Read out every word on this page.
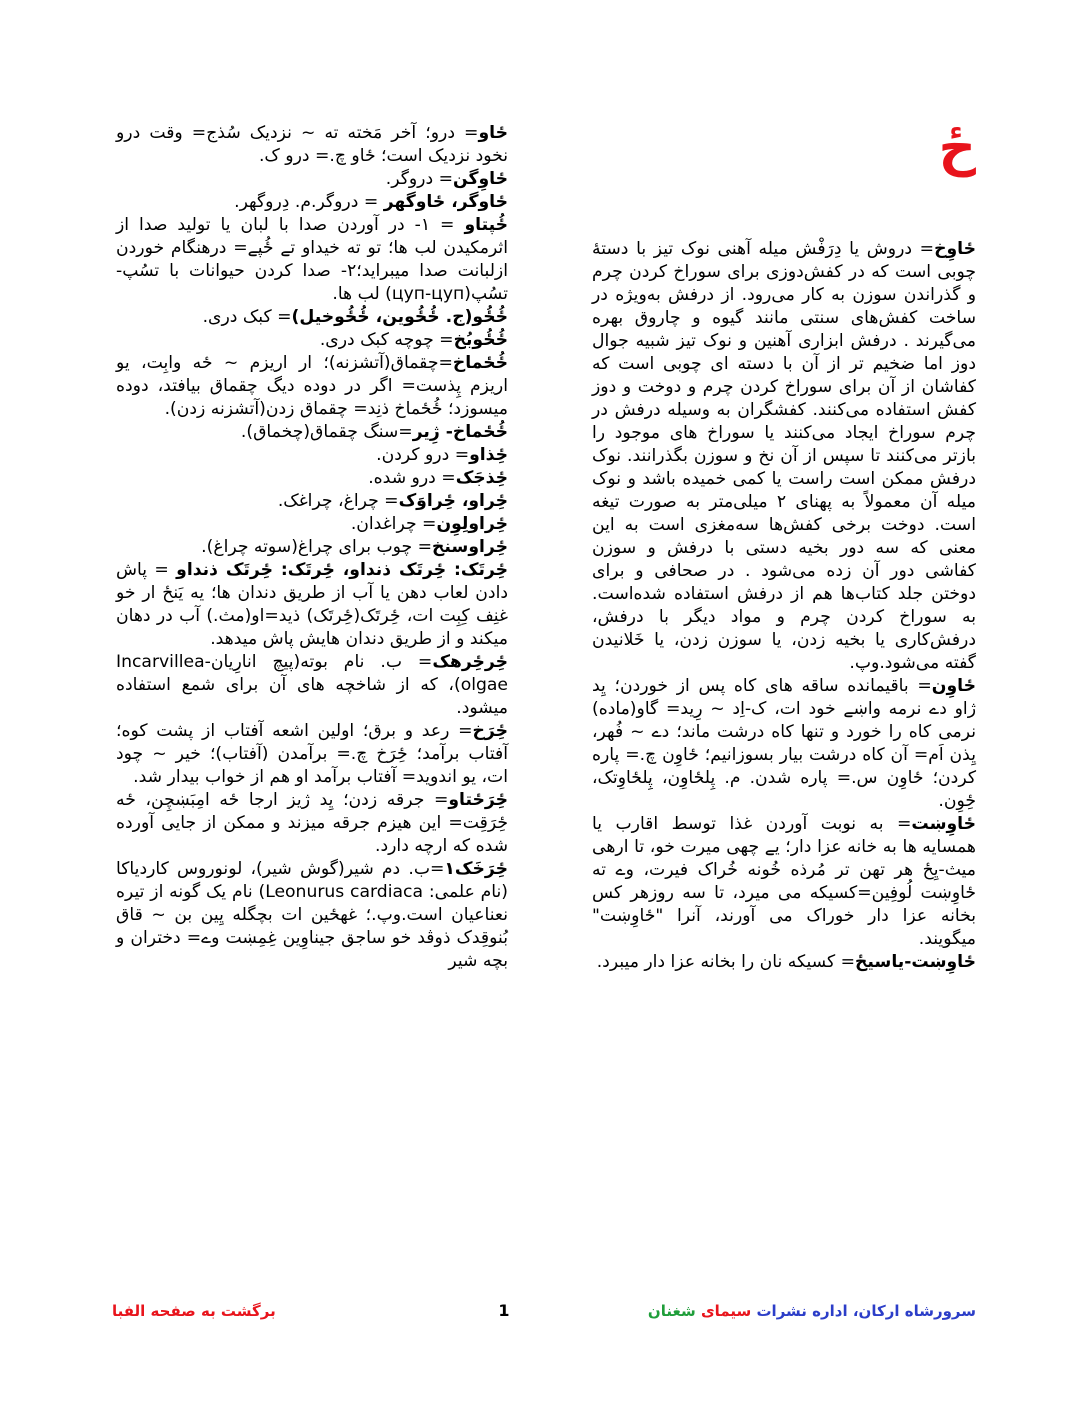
ځ

ځاوِخ= دروش یا دِرَفْش میله آهنی نوک تیز با دستهٔ چوبی است که در کفش‌دوزی برای سوراخ کردن چرم و گذراندن سوزن به کار می‌رود. از درفش به‌ویژه در ساخت کفش‌های سنتی مانند گیوه و چاروق بهره می‌گیرند . درفش ابزاری آهنین و نوک تیز شبیه جوال دوز اما ضخیم تر از آن با دسته ای چوبی است که کفاشان از آن برای سوراخ کردن چرم و دوخت و دوز کفش استفاده می‌کنند. کفشگران به وسیله درفش در چرم سوراخ ایجاد می‌کنند یا سوراخ های موجود را بازتر می‌کنند تا سپس از آن نخ و سوزن بگذرانند. نوک درفش ممکن است راست یا کمی خمیده باشد و نوک میله آن معمولاً به پهنای ۲ میلی‌متر به صورت تیغه است. دوخت برخی کفش‌ها سه‌مغزی است به این معنی که سه دور بخیه دستی با درفش و سوزن کفاشی دور آن زده می‌شود . در صحافی و برای دوختن جلد کتاب‌ها هم از درفش استفاده شده‌است. به سوراخ کردن چرم و مواد دیگر با درفش، درفش‌کاری یا بخیه زدن، یا سوزن زدن، یا خَلانیدن گفته می‌شود.وپ.

ځاوِن= باقیمانده ساقه های کاه پس از خوردن؛ یِد ژاو دے نرمه واښے خود ات، ک-اِد ~ رِید= گاو(ماده) نرمی کاه را خورد و تنها کاه درشت ماند؛ دے ~ فُهر، یِذن اَم= آن کاه درشت بیار بسوزانیم؛ ځاوِن چ.= پاره کردن؛ ځاوِن س.= پاره شدن. م. پِلځاوِن، پِلځاوِتک، ځِوِن.

ځاوِښت= به نوبت آوردن غذا توسط اقارب یا همسایه ها به خانه عزا دار؛ یے چھی میرت خو، تا ارهی میث-یِځ هر تهن تر مُرذه خُونه خُراک فیرت، وے ته ځاوِښت لُوفِین=کسیکه می میرد، تا سه روزهر کس بخانه عزا دار خوراک می آورند، آنرا "ځاوِښت" میگویند.

ځاوِښت-یاسیځ= کسیکه نان را بخانه عزا دار میبرد.

ځاو= درو؛ آخر مَخته ته ~ نزدیک سُذج= وقت درو نخود نزدیک است؛ ځاو چ.= درو ک.

ځاوِگن= دروگر.

ځاوگر، ځاوگهر = دروگر.م. دِروگهر.

ځُپتاو = ۱- در آوردن صدا با لبان یا تولید صدا از اثرمکیدن لب ها؛ تو ته خیداو تے ځُپے= درهنگام خوردن ازلبانت صدا میبراید؛۲- صدا کردن حیوانات با تسُپ-تسُپ(цуп-цуп) لب ها.

ځُځُو(ج. ځُځُوین، ځُځُوخیل)= کبک دری.

ځُځُوبُخ= چوچه کبک دری.

ځُځماخ=چقماق(آتشزنه)؛ ار اریزم ~ ځه وابِت، یو اریزم پِذست= اگر در دوده دیگ چقماق بیافتد، دوده میسوزد؛ ځُځماخ ذنِد= چقماق زدن(آتشزنه زدن).

ځُځماخ- ژِیر=سنگ چقماق(چخماق).

ځِذاو= درو کردن.

ځِذجَک= درو شده.

ځِراو، ځِراوَک= چراغ، چراغک.

ځِراولِوِن= چراغدان.

ځِراوسنخ= چوب برای چراغ(سوته چراغ).

ځِرتَک: ځِرتَک ذنداو، ځِرتَک: ځِرتَک ذنداو = پاش دادن لعاب دهن یا آب از طریق دندان ها؛ یه یَنځ ار خو غنِف کِبِت ات، ځِرتَک(ځِرتَک) ذید=او(مث.) آب در دهان میکند و از طریق دندان هایش پاش میدهد.

ځِرځِرهک= ب. نام بوته(پیچ انارِیان-Incarvillea olgae)، که از شاخچه های آن برای شمع استفاده میشود.

ځِرَخ= رعد و برق؛ اولین اشعه آفتاب از پشت کوه؛ آفتاب برآمد؛ ځِرَخ چ.= برآمدن (آفتاب)؛ خیر ~ چود ات، یو اندوید= آفتاب برآمد او هم از خواب بیدار شد.

ځِرَځتاو= جرقه زدن؛ یِد ژیز ارجا ځه امِبَښچِن، ځه ځِرَقِت= این هیزم جرقه میزند و ممکن از جایی آورده شده که ارچه دارد.

ځِرَخَک۱=ب. دم شیر(گوش شیر)، لونوروس کاردیاکا (نام علمی: Leonurus cardiaca) نام یک گونه از تیره نعناعیان است.وپ.؛ غهځین ات بچگله یِین بن ~ قاق بُنوقِدک ذوڤد خو ساجق جیناوِین غِمِښت وے= دختران و بچه شیر

سرورشاه ارکان، اداره نشرات سیمای شغنان
1
برگشت به صفحه الفبا
